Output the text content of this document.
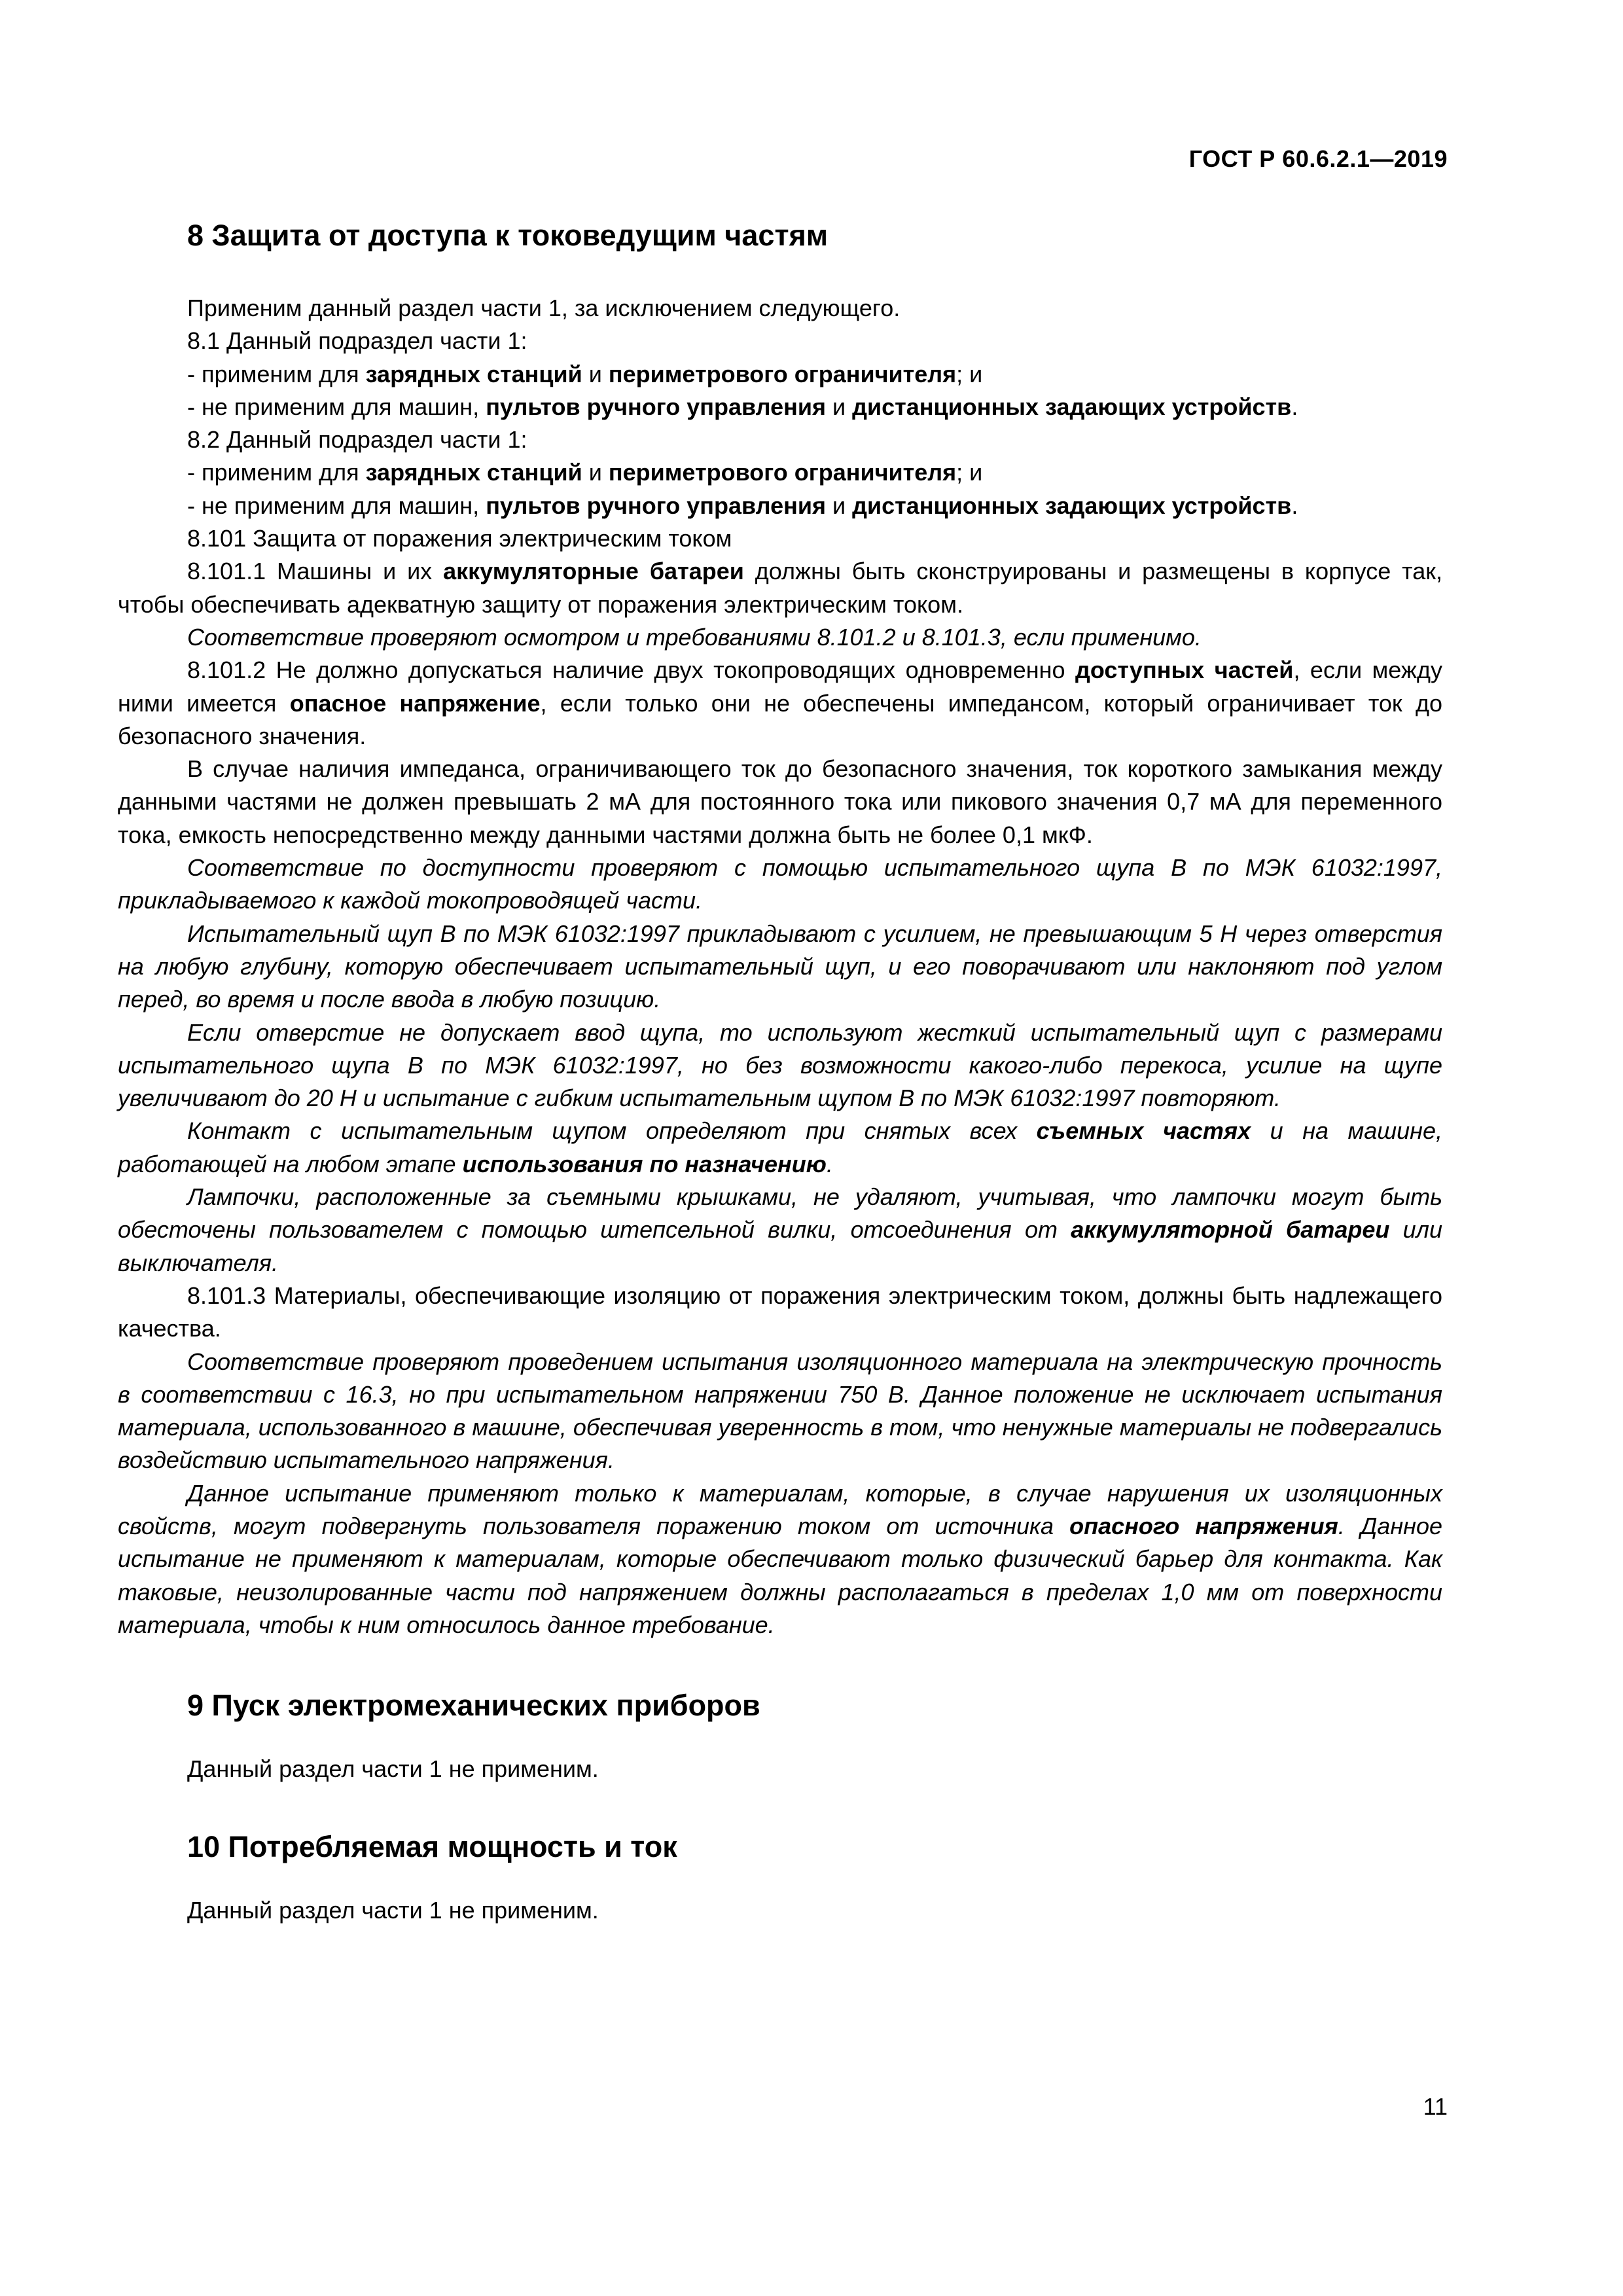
ГОСТ Р 60.6.2.1—2019
8 Защита от доступа к токоведущим частям

Применим данный раздел части 1, за исключением следующего.

8.1 Данный подраздел части 1:

- применим для зарядных станций и периметрового ограничителя; и

- не применим для машин, пультов ручного управления и дистанционных задающих устройств.

8.2 Данный подраздел части 1:

- применим для зарядных станций и периметрового ограничителя; и

- не применим для машин, пультов ручного управления и дистанционных задающих устройств.

8.101 Защита от поражения электрическим током

8.101.1 Машины и их аккумуляторные батареи должны быть сконструированы и размещены в корпусе так, чтобы обеспечивать адекватную защиту от поражения электрическим током.

Соответствие проверяют осмотром и требованиями 8.101.2 и 8.101.3, если применимо.

8.101.2 Не должно допускаться наличие двух токопроводящих одновременно доступных частей, если между ними имеется опасное напряжение, если только они не обеспечены импедансом, который ограничивает ток до безопасного значения.

В случае наличия импеданса, ограничивающего ток до безопасного значения, ток короткого замыкания между данными частями не должен превышать 2 мА для постоянного тока или пикового значения 0,7 мА для переменного тока, емкость непосредственно между данными частями должна быть не более 0,1 мкФ.

Соответствие по доступности проверяют с помощью испытательного щупа В по МЭК 61032:1997, прикладываемого к каждой токопроводящей части.

Испытательный щуп В по МЭК 61032:1997 прикладывают с усилием, не превышающим 5 Н через отверстия на любую глубину, которую обеспечивает испытательный щуп, и его поворачивают или наклоняют под углом перед, во время и после ввода в любую позицию.

Если отверстие не допускает ввод щупа, то используют жесткий испытательный щуп с размерами испытательного щупа В по МЭК 61032:1997, но без возможности какого-либо перекоса, усилие на щупе увеличивают до 20 Н и испытание с гибким испытательным щупом В по МЭК 61032:1997 повторяют.

Контакт с испытательным щупом определяют при снятых всех съемных частях и на машине, работающей на любом этапе использования по назначению.

Лампочки, расположенные за съемными крышками, не удаляют, учитывая, что лампочки могут быть обесточены пользователем с помощью штепсельной вилки, отсоединения от аккумуляторной батареи или выключателя.

8.101.3 Материалы, обеспечивающие изоляцию от поражения электрическим током, должны быть надлежащего качества.

Соответствие проверяют проведением испытания изоляционного материала на электрическую прочность в соответствии с 16.3, но при испытательном напряжении 750 В. Данное положение не исключает испытания материала, использованного в машине, обеспечивая уверенность в том, что ненужные материалы не подвергались воздействию испытательного напряжения.

Данное испытание применяют только к материалам, которые, в случае нарушения их изоляционных свойств, могут подвергнуть пользователя поражению током от источника опасного напряжения. Данное испытание не применяют к материалам, которые обеспечивают только физический барьер для контакта. Как таковые, неизолированные части под напряжением должны располагаться в пределах 1,0 мм от поверхности материала, чтобы к ним относилось данное требование.

9 Пуск электромеханических приборов

Данный раздел части 1 не применим.

10 Потребляемая мощность и ток

Данный раздел части 1 не применим.

11
